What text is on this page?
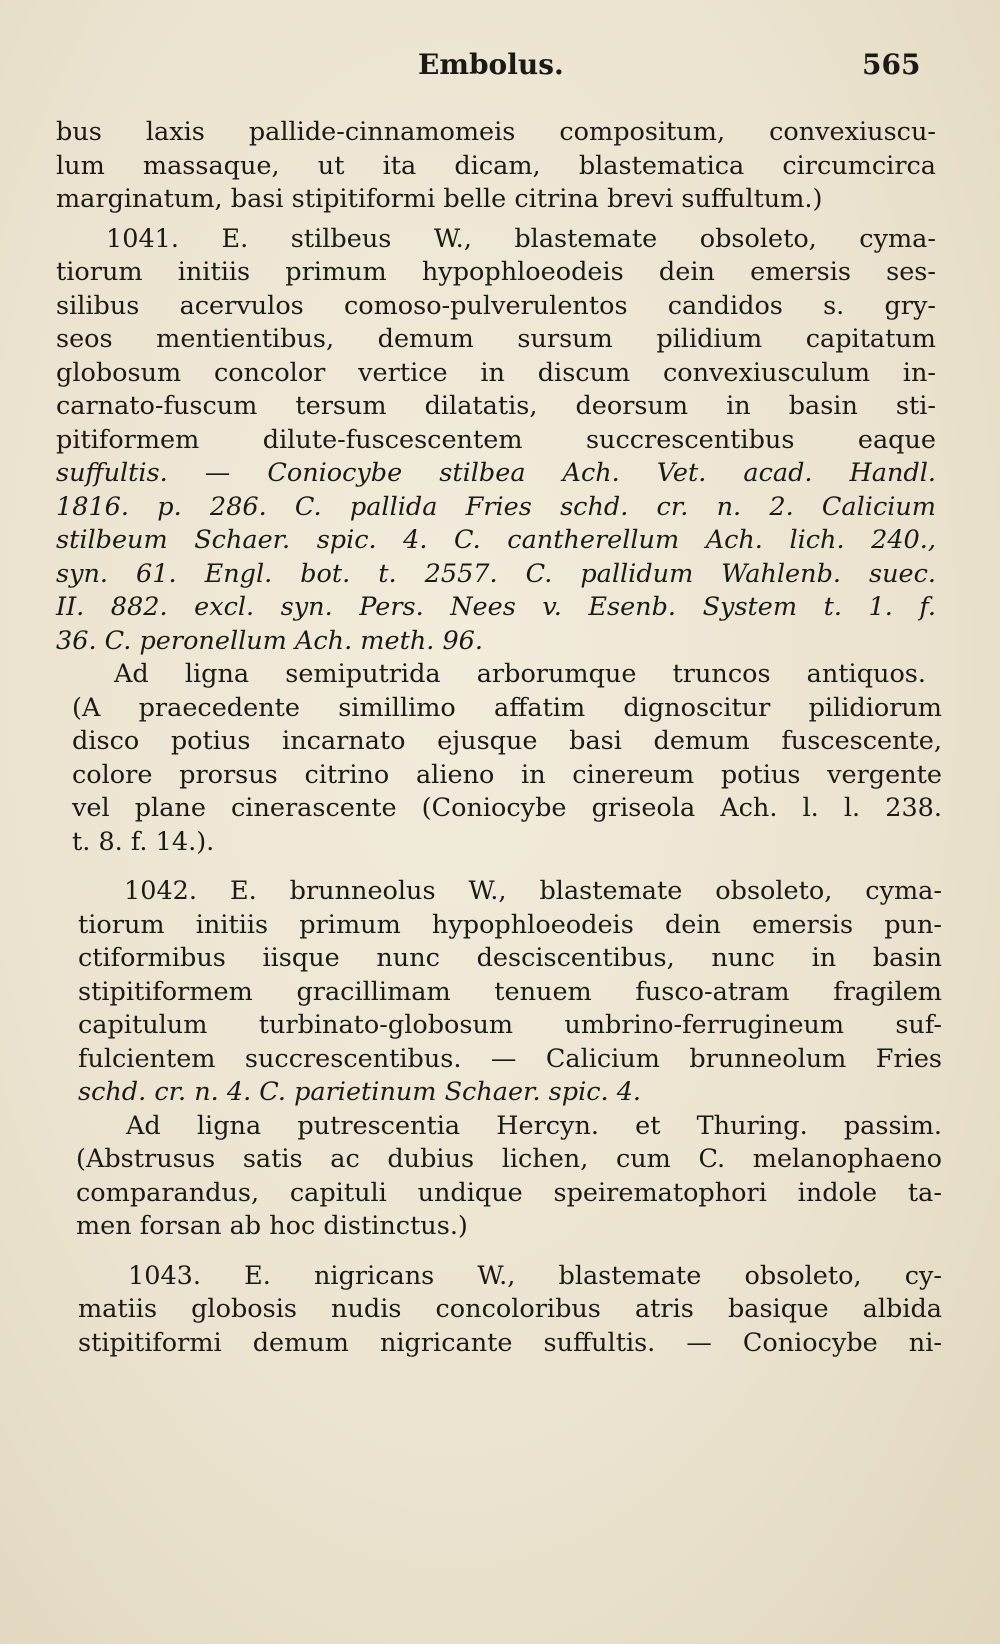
Embolus.	565
bus laxis pallide-cinnamomeis compositum, convexiuscu-
lum massaque, ut ita dicam, blastematica circumcirca
marginatum, basi stipitiformi belle citrina brevi suffultum.)
1041. E. stilbeus W., blastemate obsoleto, cyma-
tiorum initiis primum hypophloeodeis dein emersis ses-
silibus acervulos comoso-pulverulentos candidos s. gry-
seos mentientibus, demum sursum pilidium capitatum
globosum concolor vertice in discum convexiusculum in-
carnato-fuscum tersum dilatatis, deorsum in basin sti-
pitiformem dilute-fuscescentem succrescentibus eaque
suffultis. — Coniocybe stilbea Ach. Vet. acad. Handl.
1816. p. 286. C. pallida Fries schd. cr. n. 2. Calicium
stilbeum Schaer. spic. 4. C. cantherellum Ach. lich. 240.,
syn. 61. Engl. bot. t. 2557. C. pallidum Wahlenb. suec.
II. 882. excl. syn. Pers. Nees v. Esenb. System t. 1. f.
36. C. peronellum Ach. meth. 96.
Ad ligna semiputrida arborumque truncos antiquos.
(A praecedente simillimo affatim dignoscitur pilidiorum
disco potius incarnato ejusque basi demum fuscescente,
colore prorsus citrino alieno in cinereum potius vergente
vel plane cinerascente (Coniocybe griseola Ach. l. l. 238.
t. 8. f. 14.).
1042. E. brunneolus W., blastemate obsoleto, cyma-
tiorum initiis primum hypophloeodeis dein emersis pun-
ctiformibus iisque nunc desciscentibus, nunc in basin
stipitiformem gracillimam tenuem fusco-atram fragilem
capitulum turbinato-globosum umbrino-ferrugineum suf-
fulcientem succrescentibus. — Calicium brunneolum Fries
schd. cr. n. 4. C. parietinum Schaer. spic. 4.
Ad ligna putrescentia Hercyn. et Thuring. passim.
(Abstrusus satis ac dubius lichen, cum C. melanophaeno
comparandus, capituli undique speirematophori indole ta-
men forsan ab hoc distinctus.)
1043. E. nigricans W., blastemate obsoleto, cy-
matiis globosis nudis concoloribus atris basique albida
stipitiformi demum nigricante suffultis. — Coniocybe ni-
